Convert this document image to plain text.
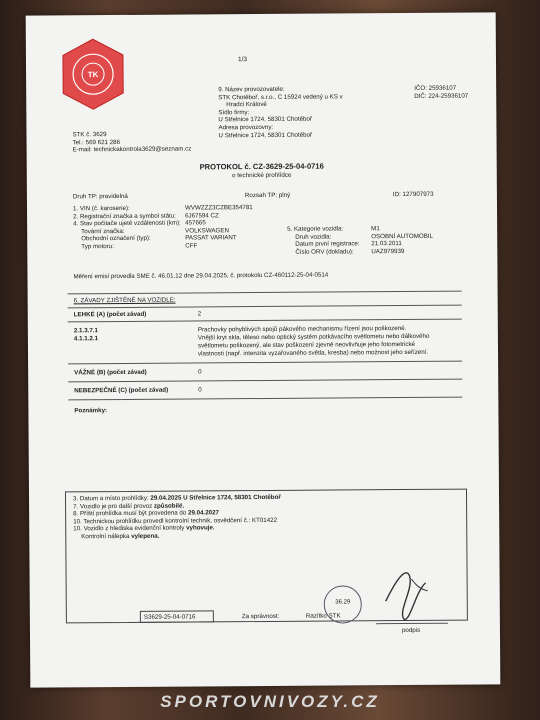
1/3
TK
STK č. 3629
Tel.: 569 621 286
E-mail: technickakontrola3629@seznam.cz
9. Název provozovatele:
STK Chotěboř, s.r.o., C 15924 vedený u KS v
Hradci Králové
Sídlo firmy:
U Střelnice 1724, 58301 Chotěboř
Adresa provozovny:
U Střelnice 1724, 58301 Chotěboř
IČO: 25936107
DIČ: 224-25936107
PROTOKOL č. CZ-3629-25-04-0716
o technické prohlídce
Druh TP: pravidelná	Rozsah TP: plný	ID: 127907973
1. VIN (č. karoserie):	WVWZZZ3CZBE354781
2. Registrační značka a symbol státu: 6J67594 CZ
4. Stav počitače ujeté vzdálenosti (km): 457665
Tovární značka:	VOLKSWAGEN
Obchodní označení (typ):	PASSAT VARIANT
Typ motoru:	CFF
5. Kategorie vozidla:	M1
Druh vozidla:	OSOBNÍ AUTOMOBIL
Datum první registrace: 21.03.2011
Číslo ORV (dokladu):	UAZ979939
Měření emisí provedla SME č. 46.01.12 dne 29.04.2025, č. protokolu CZ-460112-25-04-0514
6. ZÁVADY ZJIŠTĚNÉ NA VOZIDLE:
LEHKÉ (A) (počet závad)	2
2.1.3.7.1	Prachovky pohyblivých spojů pákového mechanismu řízení jsou poškozené.
4.1.1.2.1	Vnější kryt skla, těleso nebo optický systém potkávacího světlometu nebo dálkového
světlometu poškozený, ale stav poškození zjevně neovlivňuje jeho fotometrické
vlastnosti (např. intenzita vyzařovaného světla, kresba) nebo možnost jeho seřízení.
VÁŽNÉ (B) (počet závad)	0
NEBEZPEČNÉ (C) (počet závad)	0
Poznámky:
3. Datum a místo prohlídky: 29.04.2025 U Střelnice 1724, 58301 Chotěboř
7. Vozidlo je pro další provoz způsobilé.
8. Příští prohlídka musí být provedena do 29.04.2027
10. Technickou prohlídku provedl kontrolní technik, osvědčení č.: KT01422
10. Vozidlo z hlediska evidenční kontroly vyhovuje.
Kontrolní nálepka vylepena.
36.29
S3629-25-04-0716	Za správnost:	Razítko STK
podpis
SPORTOVNIVOZY.CZ
